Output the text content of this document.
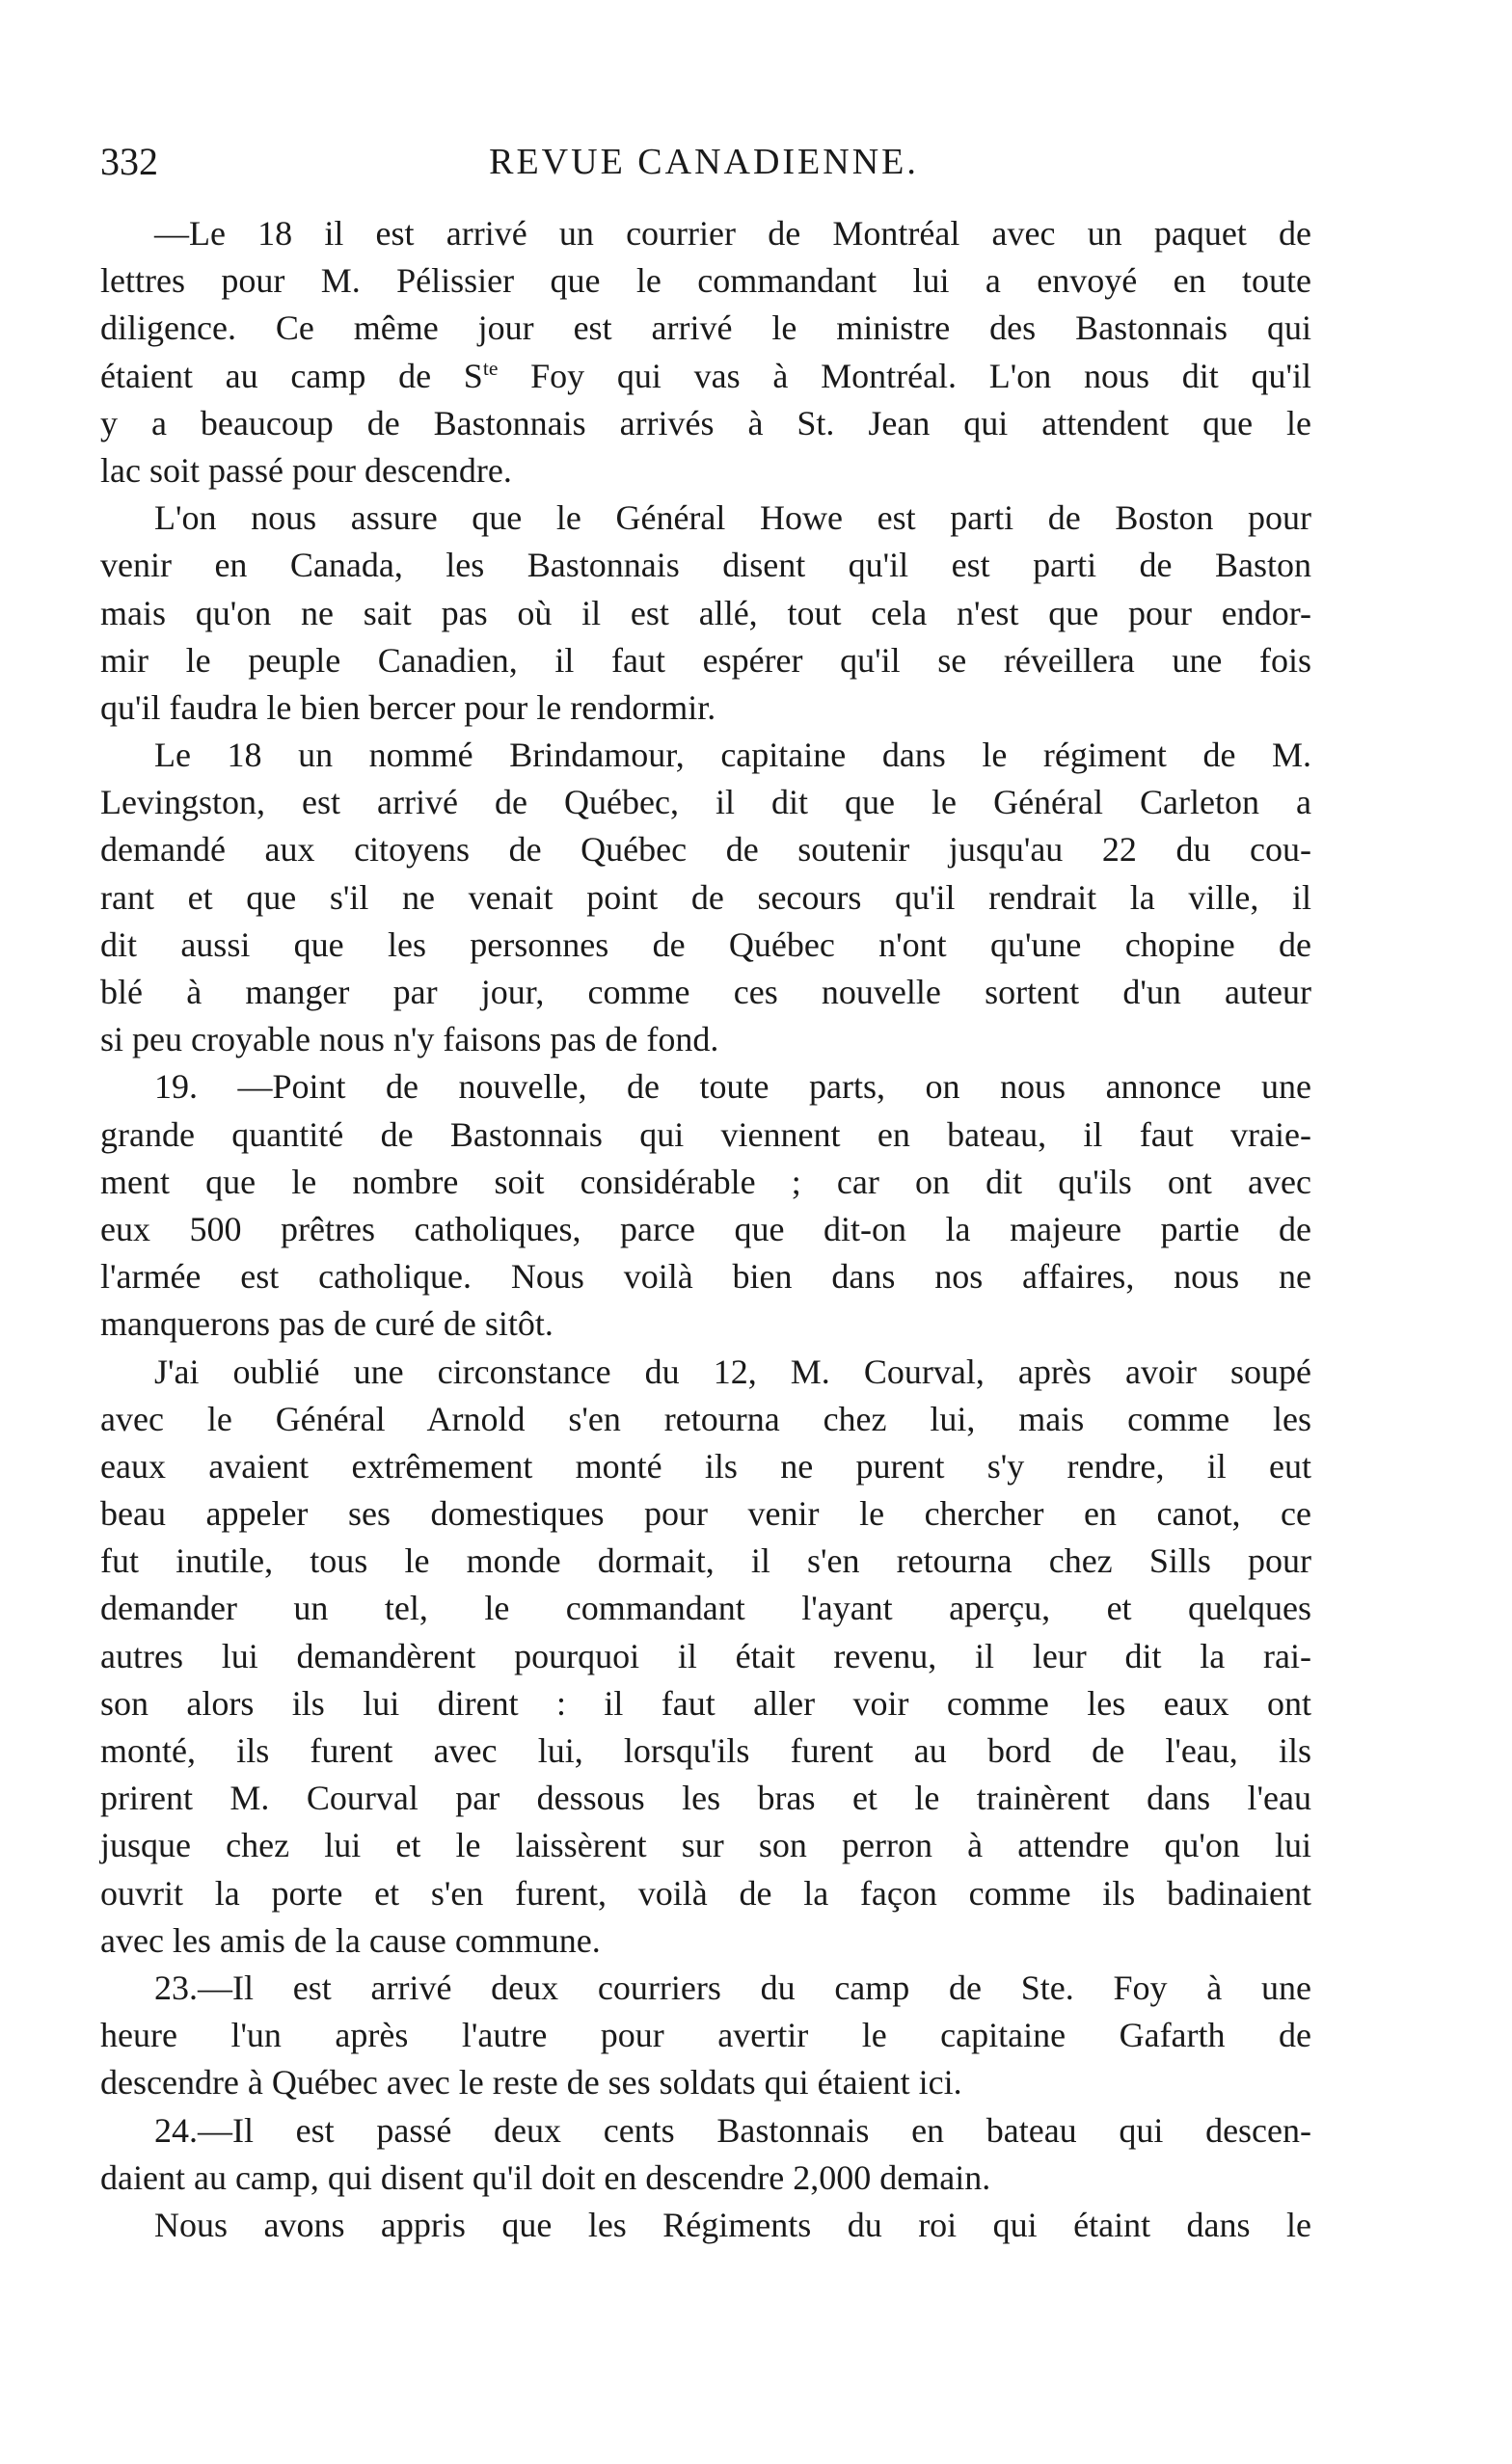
332	REVUE CANADIENNE.
—Le 18 il est arrivé un courrier de Montréal avec un paquet de
lettres pour M. Pélissier que le commandant lui a envoyé en toute
diligence. Ce même jour est arrivé le ministre des Bastonnais qui
étaient au camp de $S^{te}$ Foy qui vas à Montréal. L'on nous dit qu'il
y a beaucoup de Bastonnais arrivés à St. Jean qui attendent que le
lac soit passé pour descendre.
L'on nous assure que le Général Howe est parti de Boston pour
venir en Canada, les Bastonnais disent qu'il est parti de Baston
mais qu'on ne sait pas où il est allé, tout cela n'est que pour endor-
mir le peuple Canadien, il faut espérer qu'il se réveillera une fois
qu'il faudra le bien bercer pour le rendormir.
Le 18 un nommé Brindamour, capitaine dans le régiment de M.
Levingston, est arrivé de Québec, il dit que le Général Carleton a
demandé aux citoyens de Québec de soutenir jusqu'au 22 du cou-
rant et que s'il ne venait point de secours qu'il rendrait la ville, il
dit aussi que les personnes de Québec n'ont qu'une chopine de
blé à manger par jour, comme ces nouvelle sortent d'un auteur
si peu croyable nous n'y faisons pas de fond.
19. —Point de nouvelle, de toute parts, on nous annonce une
grande quantité de Bastonnais qui viennent en bateau, il faut vraie-
ment que le nombre soit considérable ; car on dit qu'ils ont avec
eux 500 prêtres catholiques, parce que dit-on la majeure partie de
l'armée est catholique. Nous voilà bien dans nos affaires, nous ne
manquerons pas de curé de sitôt.
J'ai oublié une circonstance du 12, M. Courval, après avoir soupé
avec le Général Arnold s'en retourna chez lui, mais comme les
eaux avaient extrêmement monté ils ne purent s'y rendre, il eut
beau appeler ses domestiques pour venir le chercher en canot, ce
fut inutile, tous le monde dormait, il s'en retourna chez Sills pour
demander un tel, le commandant l'ayant aperçu, et quelques
autres lui demandèrent pourquoi il était revenu, il leur dit la rai-
son alors ils lui dirent : il faut aller voir comme les eaux ont
monté, ils furent avec lui, lorsqu'ils furent au bord de l'eau, ils
prirent M. Courval par dessous les bras et le trainèrent dans l'eau
jusque chez lui et le laissèrent sur son perron à attendre qu'on lui
ouvrit la porte et s'en furent, voilà de la façon comme ils badinaient
avec les amis de la cause commune.
23.—Il est arrivé deux courriers du camp de Ste. Foy à une
heure l'un après l'autre pour avertir le capitaine Gafarth de
descendre à Québec avec le reste de ses soldats qui étaient ici.
24.—Il est passé deux cents Bastonnais en bateau qui descen-
daient au camp, qui disent qu'il doit en descendre 2,000 demain.
Nous avons appris que les Régiments du roi qui étaint dans le
